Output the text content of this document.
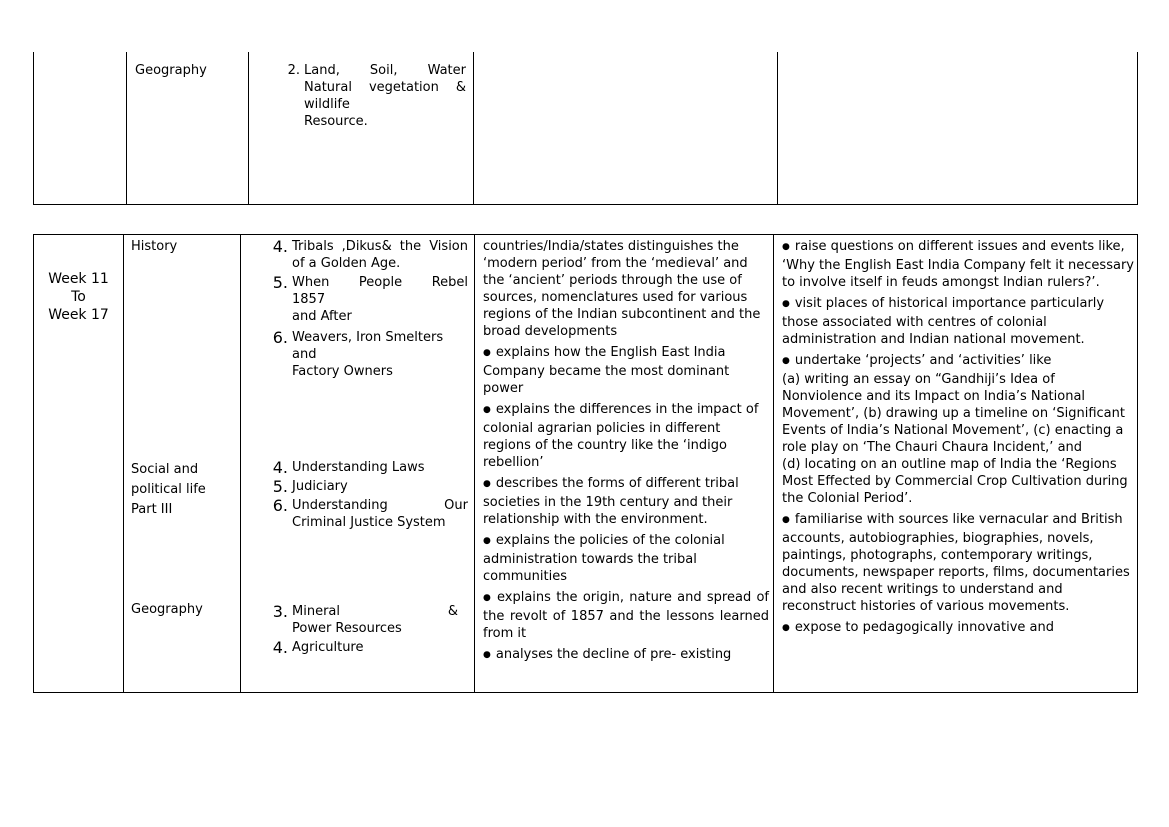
Geography	2. Land, Soil, Water
Natural vegetation &
wildlife
Resource.
Week 11
To
Week 17
History
Social and
political life
Part III
Geography
4. Tribals ,Dikus& the Vision of a Golden Age.
5. When People Rebel
1857
and After
6. Weavers, Iron Smelters
and
Factory Owners
4. Understanding Laws
5. Judiciary
6. Understanding Our Criminal Justice System
3. Mineral &
Power Resources
4. Agriculture
countries/India/states distinguishes the ‘modern period’ from the ‘medieval’ and the ‘ancient’ periods through the use of sources, nomenclatures used for various regions of the Indian subcontinent and the broad developments
● explains how the English East India Company became the most dominant power
● explains the differences in the impact of colonial agrarian policies in different regions of the country like the ‘indigo rebellion’
● describes the forms of different tribal societies in the 19th century and their relationship with the environment.
● explains the policies of the colonial administration towards the tribal communities
● explains the origin, nature and spread of the revolt of 1857 and the lessons learned from it
● analyses the decline of pre- existing
● raise questions on different issues and events like, ‘Why the English East India Company felt it necessary to involve itself in feuds amongst Indian rulers?’.
● visit places of historical importance particularly those associated with centres of colonial administration and Indian national movement.
● undertake ‘projects’ and ‘activities’ like
(a) writing an essay on “Gandhiji’s Idea of Nonviolence and its Impact on India’s National Movement’, (b) drawing up a timeline on ‘Significant Events of India’s National Movement’, (c) enacting a role play on ‘The Chauri Chaura Incident,’ and
(d) locating on an outline map of India the ‘Regions Most Effected by Commercial Crop Cultivation during the Colonial Period’.
● familiarise with sources like vernacular and British accounts, autobiographies, biographies, novels, paintings, photographs, contemporary writings, documents, newspaper reports, films, documentaries and also recent writings to understand and reconstruct histories of various movements.
● expose to pedagogically innovative and
